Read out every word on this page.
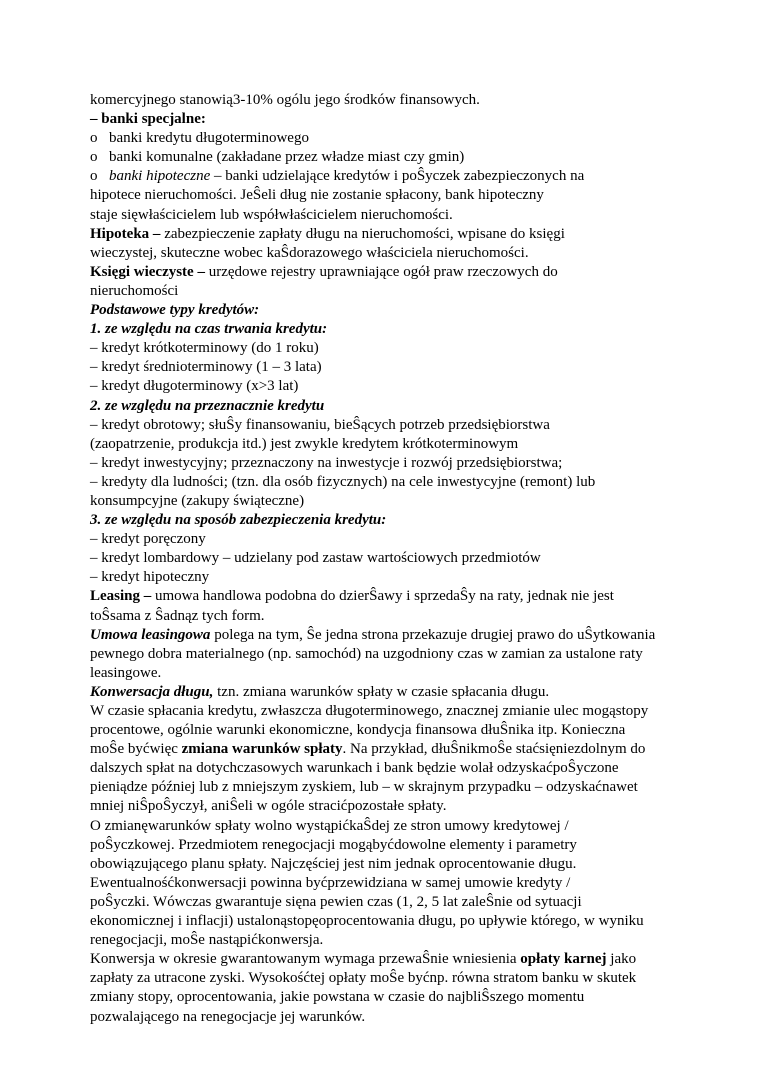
komercyjnego stanowią3-10% ogólu jego środków finansowych.
– banki specjalne:
o banki kredytu długoterminowego
o banki komunalne (zakładane przez władze miast czy gmin)
o banki hipoteczne – banki udzielające kredytów i poŜyczek zabezpieczonych na
hipotece nieruchomości. JeŜeli dług nie zostanie spłacony, bank hipoteczny
staje sięwłaścicielem lub współwłaścicielem nieruchomości.
Hipoteka – zabezpieczenie zapłaty długu na nieruchomości, wpisane do księgi
wieczystej, skuteczne wobec kaŜdorazowego właściciela nieruchomości.
Księgi wieczyste – urzędowe rejestry uprawniające ogół praw rzeczowych do
nieruchomości
Podstawowe typy kredytów:
1. ze względu na czas trwania kredytu:
– kredyt krótkoterminowy (do 1 roku)
– kredyt średnioterminowy (1 – 3 lata)
– kredyt długoterminowy (x>3 lat)
2. ze względu na przeznacznie kredytu
– kredyt obrotowy; słuŜy finansowaniu, bieŜących potrzeb przedsiębiorstwa
(zaopatrzenie, produkcja itd.) jest zwykle kredytem krótkoterminowym
– kredyt inwestycyjny; przeznaczony na inwestycje i rozwój przedsiębiorstwa;
– kredyty dla ludności; (tzn. dla osób fizycznych) na cele inwestycyjne (remont) lub
konsumpcyjne (zakupy świąteczne)
3. ze względu na sposób zabezpieczenia kredytu:
– kredyt poręczony
– kredyt lombardowy – udzielany pod zastaw wartościowych przedmiotów
– kredyt hipoteczny
Leasing – umowa handlowa podobna do dzierŜawy i sprzedaŜy na raty, jednak nie jest
toŜsama z Ŝadnąz tych form.
Umowa leasingowa polega na tym, Ŝe jedna strona przekazuje drugiej prawo do uŜytkowania
pewnego dobra materialnego (np. samochód) na uzgodniony czas w zamian za ustalone raty
leasingowe.
Konwersacja długu, tzn. zmiana warunków spłaty w czasie spłacania długu.
W czasie spłacania kredytu, zwłaszcza długoterminowego, znacznej zmianie ulec mogąstopy
procentowe, ogólnie warunki ekonomiczne, kondycja finansowa dłuŜnika itp. Konieczna
moŜe byćwięc zmiana warunków spłaty. Na przykład, dłuŜnikmoŜe staćsięniezdolnym do
dalszych spłat na dotychczasowych warunkach i bank będzie wolał odzyskaćpoŜyczone
pieniądze później lub z mniejszym zyskiem, lub – w skrajnym przypadku – odzyskaćnawet
mniej niŜpoŜyczył, aniŜeli w ogóle stracićpozostałe spłaty.
O zmianęwarunków spłaty wolno wystąpićkaŜdej ze stron umowy kredytowej /
poŜyczkowej. Przedmiotem renegocjacji mogąbyćdowolne elementy i parametry
obowiązującego planu spłaty. Najczęściej jest nim jednak oprocentowanie długu.
Ewentualnośćkonwersacji powinna byćprzewidziana w samej umowie kredyty /
poŜyczki. Wówczas gwarantuje sięna pewien czas (1, 2, 5 lat zaleŜnie od sytuacji
ekonomicznej i inflacji) ustalonąstopęoprocentowania długu, po upływie którego, w wyniku
renegocjacji, moŜe nastąpićkonwersja.
Konwersja w okresie gwarantowanym wymaga przewaŜnie wniesienia opłaty karnej jako
zapłaty za utracone zyski. Wysokośćtej opłaty moŜe byćnp. równa stratom banku w skutek
zmiany stopy, oprocentowania, jakie powstana w czasie do najbliŜszego momentu
pozwalającego na renegocjacje jej warunków.
